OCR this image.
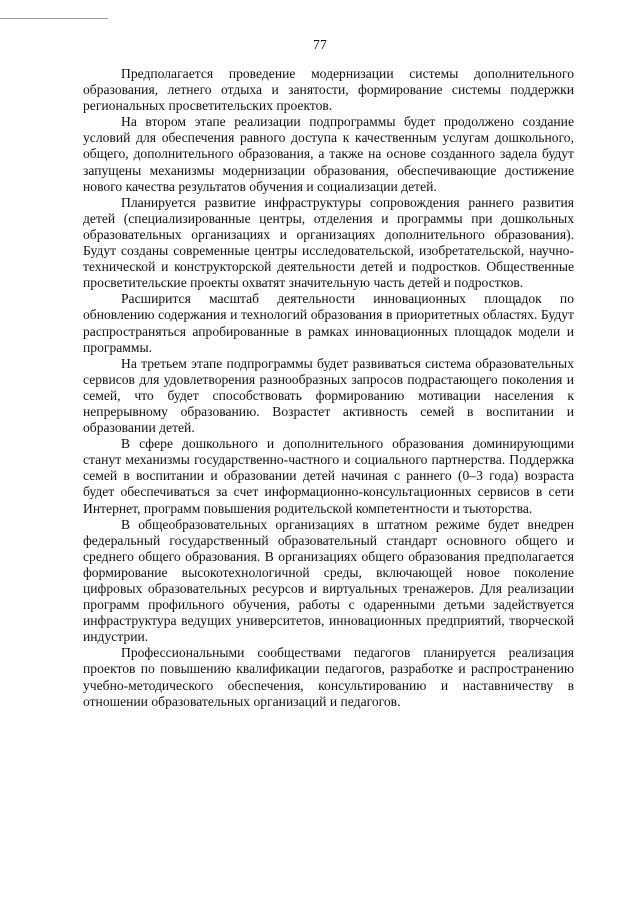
77

Предполагается проведение модернизации системы дополнительного образования, летнего отдыха и занятости, формирование системы поддержки региональных просветительских проектов.

На втором этапе реализации подпрограммы будет продолжено создание условий для обеспечения равного доступа к качественным услугам дошкольного, общего, дополнительного образования, а также на основе созданного задела будут запущены механизмы модернизации образования, обеспечивающие достижение нового качества результатов обучения и социализации детей.

Планируется развитие инфраструктуры сопровождения раннего развития детей (специализированные центры, отделения и программы при дошкольных образовательных организациях и организациях дополнительного образования). Будут созданы современные центры исследовательской, изобретательской, научно-технической и конструкторской деятельности детей и подростков. Общественные просветительские проекты охватят значительную часть детей и подростков.

Расширится масштаб деятельности инновационных площадок по обновлению содержания и технологий образования в приоритетных областях. Будут распространяться апробированные в рамках инновационных площадок модели и программы.

На третьем этапе подпрограммы будет развиваться система образовательных сервисов для удовлетворения разнообразных запросов подрастающего поколения и семей, что будет способствовать формированию мотивации населения к непрерывному образованию. Возрастет активность семей в воспитании и образовании детей.

В сфере дошкольного и дополнительного образования доминирующими станут механизмы государственно-частного и социального партнерства. Поддержка семей в воспитании и образовании детей начиная с раннего (0–3 года) возраста будет обеспечиваться за счет информационно-консультационных сервисов в сети Интернет, программ повышения родительской компетентности и тьюторства.

В общеобразовательных организациях в штатном режиме будет внедрен федеральный государственный образовательный стандарт основного общего и среднего общего образования. В организациях общего образования предполагается формирование высокотехнологичной среды, включающей новое поколение цифровых образовательных ресурсов и виртуальных тренажеров. Для реализации программ профильного обучения, работы с одаренными детьми задействуется инфраструктура ведущих университетов, инновационных предприятий, творческой индустрии.

Профессиональными сообществами педагогов планируется реализация проектов по повышению квалификации педагогов, разработке и распространению учебно-методического обеспечения, консультированию и наставничеству в отношении образовательных организаций и педагогов.
